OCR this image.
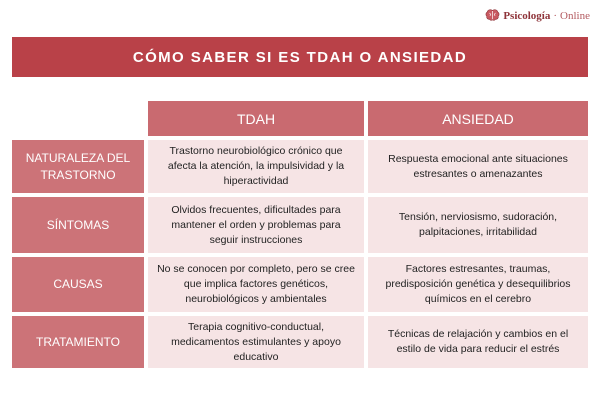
Psicología · Online
CÓMO SABER SI ES TDAH O ANSIEDAD
TDAH	ANSIEDAD
NATURALEZA DEL TRASTORNO
Trastorno neurobiológico crónico que afecta la atención, la impulsividad y la hiperactividad
Respuesta emocional ante situaciones estresantes o amenazantes
SÍNTOMAS
Olvidos frecuentes, dificultades para mantener el orden y problemas para seguir instrucciones
Tensión, nerviosismo, sudoración, palpitaciones, irritabilidad
CAUSAS
No se conocen por completo, pero se cree que implica factores genéticos, neurobiológicos y ambientales
Factores estresantes, traumas, predisposición genética y desequilibrios químicos en el cerebro
TRATAMIENTO
Terapia cognitivo-conductual, medicamentos estimulantes y apoyo educativo
Técnicas de relajación y cambios en el estilo de vida para reducir el estrés
